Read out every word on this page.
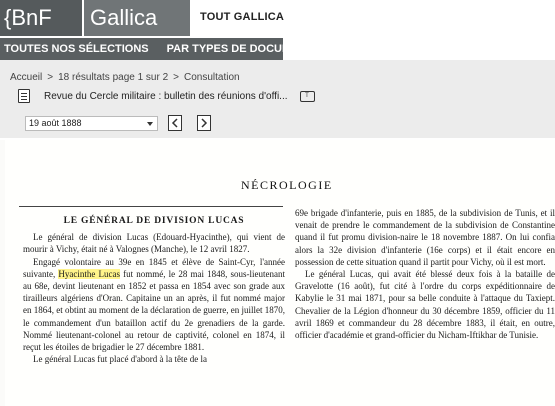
{BnF	Gallica	TOUT GALLICA
TOUTES NOS SÉLECTIONS	PAR TYPES DE DOCUMENTS
Accueil > 18 résultats page 1 sur 2 > Consultation
Revue du Cercle militaire : bulletin des réunions d'offi...	T
19 août 1888
NÉCROLOGIE
LE GÉNÉRAL DE DIVISION LUCAS
Le général de division Lucas (Edouard-Hyacinthe), qui vient de mourir à Vichy, était né à Valognes (Manche), le 12 avril 1827.
Engagé volontaire au 39e en 1845 et élève de Saint-Cyr, l'année suivante, Hyacinthe Lucas fut nommé, le 28 mai 1848, sous-lieutenant au 68e, devint lieutenant en 1852 et passa en 1854 avec son grade aux tirailleurs algériens d'Oran. Capitaine un an après, il fut nommé major en 1864, et obtint au moment de la déclaration de guerre, en juillet 1870, le commandement d'un bataillon actif du 2e grenadiers de la garde. Nommé lieutenant-colonel au retour de captivité, colonel en 1874, il reçut les étoiles de brigadier le 27 décembre 1881.
Le général Lucas fut placé d'abord à la tête de la
69e brigade d'infanterie, puis en 1885, de la subdivision de Tunis, et il venait de prendre le commandement de la subdivision de Constantine quand il fut promu division-naire le 18 novembre 1887. On lui confia alors la 32e division d'infanterie (16e corps) et il était encore en possession de cette situation quand il partit pour Vichy, où il est mort.
Le général Lucas, qui avait été blessé deux fois à la bataille de Gravelotte (16 août), fut cité à l'ordre du corps expéditionnaire de Kabylie le 31 mai 1871, pour sa belle conduite à l'attaque du Taxiept. Chevalier de la Légion d'honneur du 30 décembre 1859, officier du 11 avril 1869 et commandeur du 28 décembre 1883, il était, en outre, officier d'académie et grand-officier du Nicham-Iftikhar de Tunisie.
